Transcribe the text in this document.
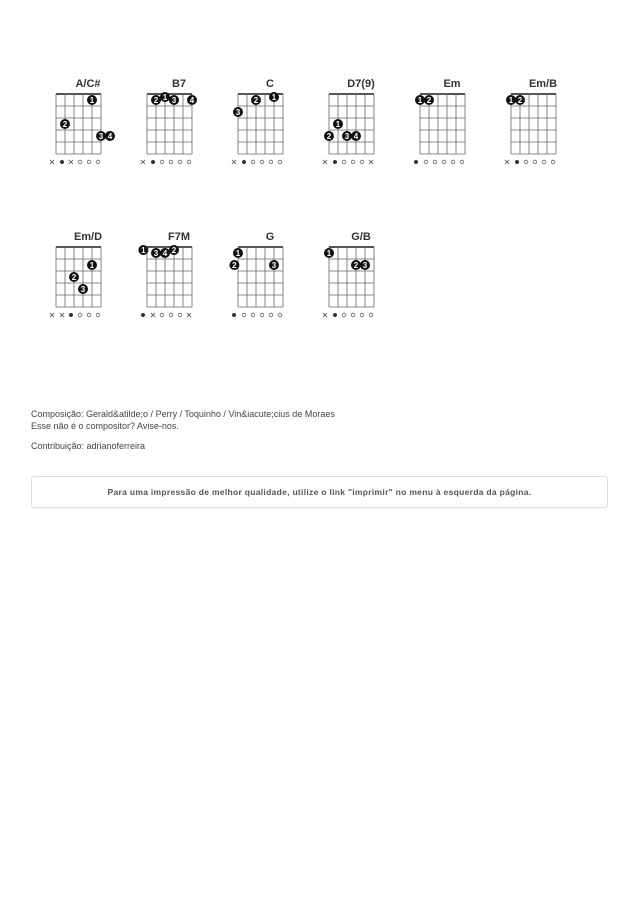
A/C#
1
2
3 4
B7
1
2 3 4
C
1
2
3
D7(9)
1
2 3 4
Em
1 2
Em/B
1 2
Em/D
1
2
3
F7M
1	2
3 4
G
1
2	3
G/B
1
2 3
Composição: Gerald&atilde;o / Perry / Toquinho / Vin&iacute;cius de Moraes
Esse não é o compositor? Avise-nos.
Contribuição: adrianoferreira
Para uma impressão de melhor qualidade, utilize o link "imprimir" no menu à esquerda da página.
